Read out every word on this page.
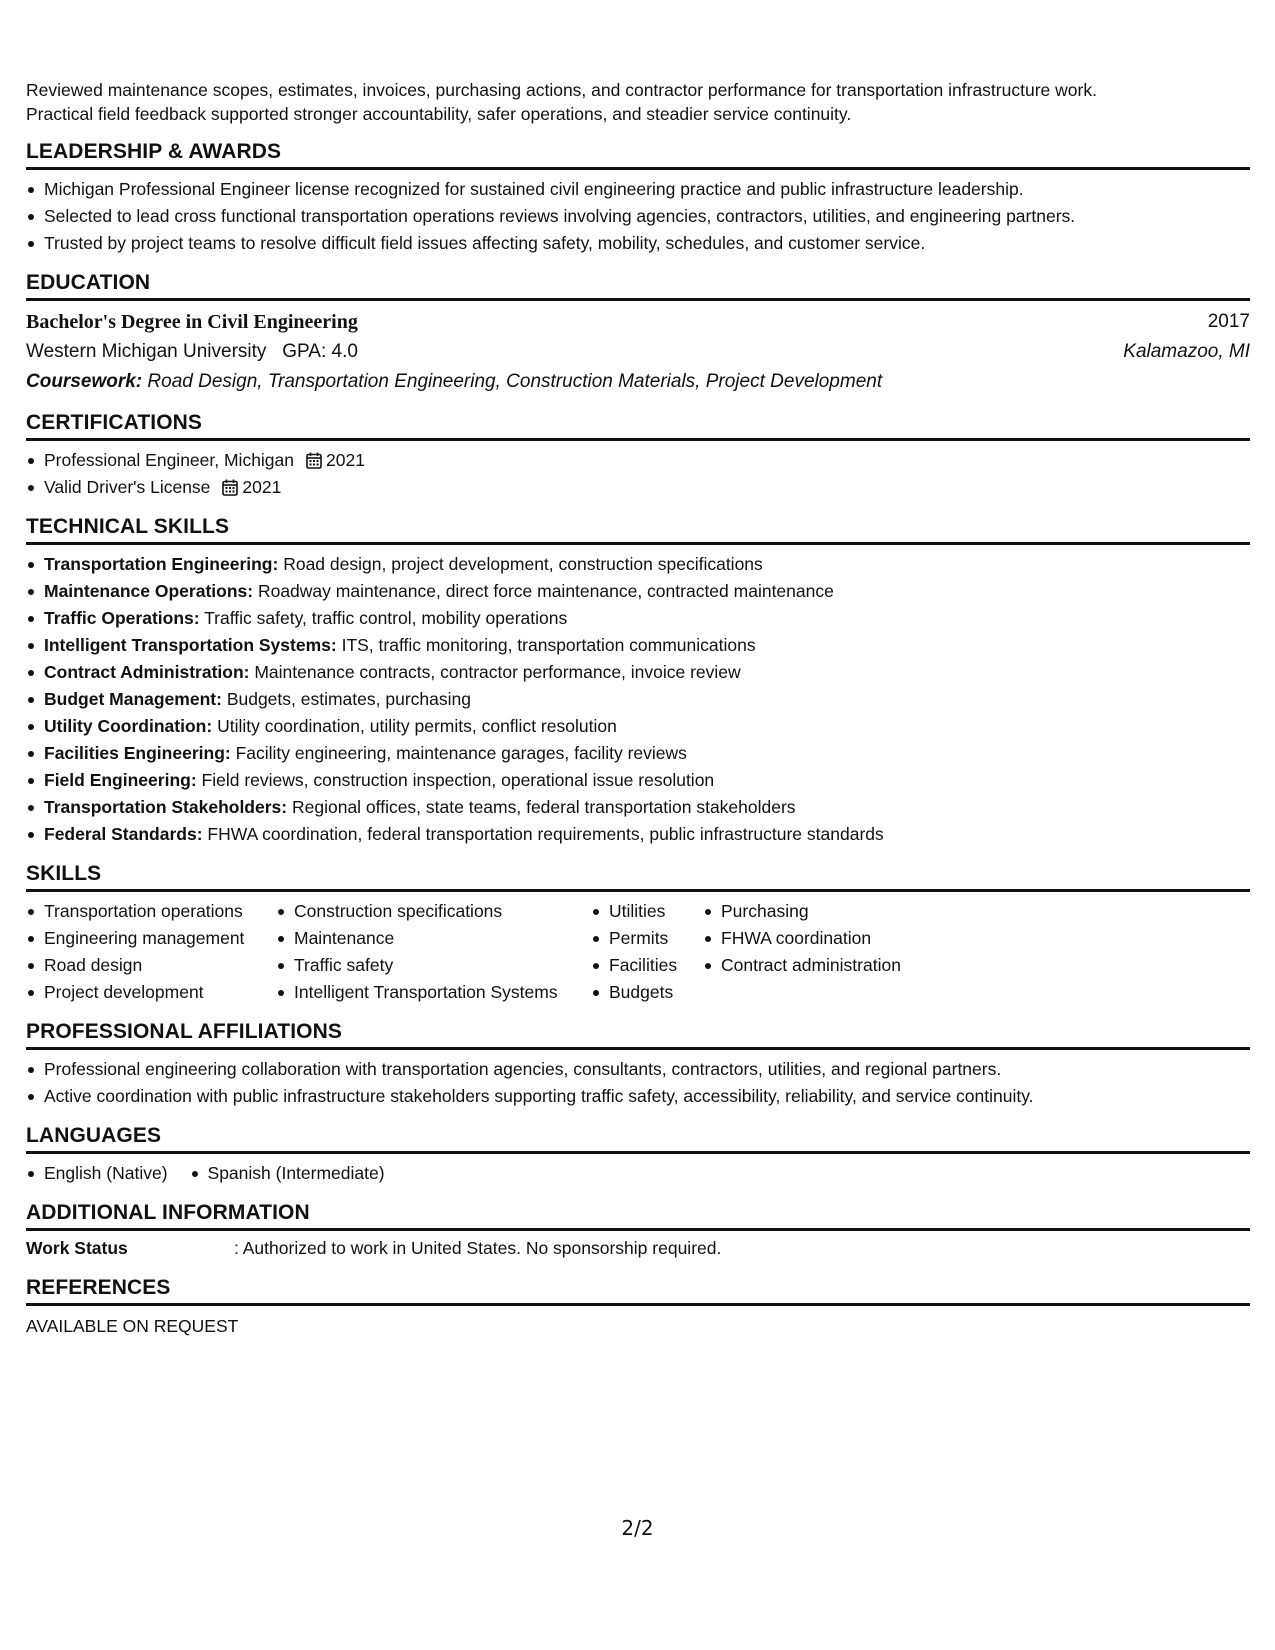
Reviewed maintenance scopes, estimates, invoices, purchasing actions, and contractor performance for transportation infrastructure work.

Practical field feedback supported stronger accountability, safer operations, and steadier service continuity.

LEADERSHIP & AWARDS
Michigan Professional Engineer license recognized for sustained civil engineering practice and public infrastructure leadership.
Selected to lead cross functional transportation operations reviews involving agencies, contractors, utilities, and engineering partners.
Trusted by project teams to resolve difficult field issues affecting safety, mobility, schedules, and customer service.
EDUCATION
Bachelor's Degree in Civil Engineering	2017
Western Michigan University GPA: 4.0	Kalamazoo, MI
Coursework: Road Design, Transportation Engineering, Construction Materials, Project Development
CERTIFICATIONS
Professional Engineer, Michigan 2021
Valid Driver's License 2021
TECHNICAL SKILLS
Transportation Engineering: Road design, project development, construction specifications
Maintenance Operations: Roadway maintenance, direct force maintenance, contracted maintenance
Traffic Operations: Traffic safety, traffic control, mobility operations
Intelligent Transportation Systems: ITS, traffic monitoring, transportation communications
Contract Administration: Maintenance contracts, contractor performance, invoice review
Budget Management: Budgets, estimates, purchasing
Utility Coordination: Utility coordination, utility permits, conflict resolution
Facilities Engineering: Facility engineering, maintenance garages, facility reviews
Field Engineering: Field reviews, construction inspection, operational issue resolution
Transportation Stakeholders: Regional offices, state teams, federal transportation stakeholders
Federal Standards: FHWA coordination, federal transportation requirements, public infrastructure standards
SKILLS
Transportation operations
Engineering management
Road design
Project development
Construction specifications
Maintenance
Traffic safety
Intelligent Transportation Systems
Utilities
Permits
Facilities
Budgets
Purchasing
FHWA coordination
Contract administration
PROFESSIONAL AFFILIATIONS
Professional engineering collaboration with transportation agencies, consultants, contractors, utilities, and regional partners.
Active coordination with public infrastructure stakeholders supporting traffic safety, accessibility, reliability, and service continuity.
LANGUAGES
English (Native)	Spanish (Intermediate)
ADDITIONAL INFORMATION
Work Status	: Authorized to work in United States. No sponsorship required.
REFERENCES
AVAILABLE ON REQUEST
2/2
